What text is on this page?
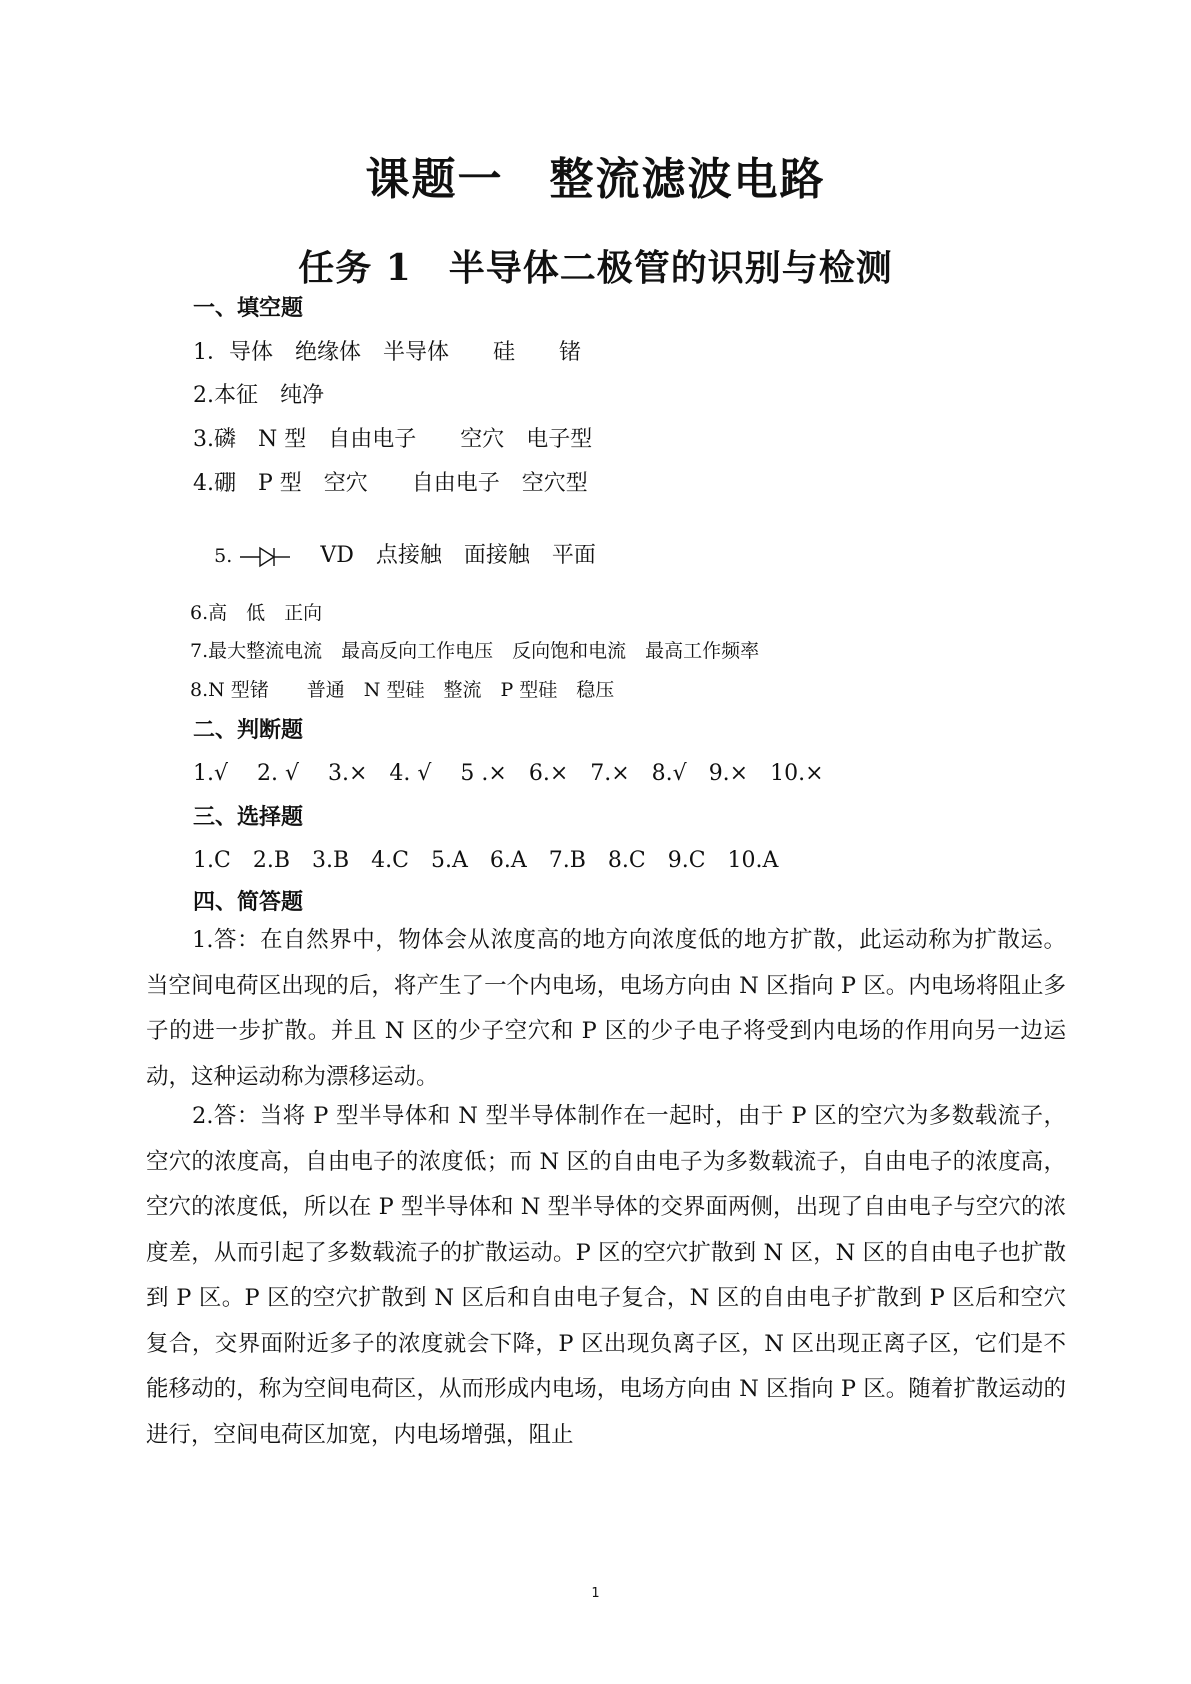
课题一　整流滤波电路
任务 1　半导体二极管的识别与检测
一、填空题
1．导体　绝缘体　半导体　　硅　　锗
2.本征　纯净
3.磷　N 型　自由电子　　空穴　电子型
4.硼　P 型　空穴　　自由电子　空穴型

5.	VD　点接触　面接触　平面

6.高　低　正向
7.最大整流电流　最高反向工作电压　反向饱和电流　最高工作频率
8.N 型锗　　普通　N 型硅　整流　P 型硅　稳压
二、判断题
1.√　 2. √　 3.×　4. √　 5 .×　6.×　7.×　8.√　9.×　10.×
三、选择题
1.C　2.B　3.B　4.C　5.A　6.A　7.B　8.C　9.C　10.A
四、简答题
1.答：在自然界中，物体会从浓度高的地方向浓度低的地方扩散，此运动称为扩散运。当空间电荷区出现的后，将产生了一个内电场，电场方向由 N 区指向 P 区。内电场将阻止多子的进一步扩散。并且 N 区的少子空穴和 P 区的少子电子将受到内电场的作用向另一边运动，这种运动称为漂移运动。
2.答：当将 P 型半导体和 N 型半导体制作在一起时，由于 P 区的空穴为多数载流子，空穴的浓度高，自由电子的浓度低；而 N 区的自由电子为多数载流子，自由电子的浓度高，空穴的浓度低，所以在 P 型半导体和 N 型半导体的交界面两侧，出现了自由电子与空穴的浓度差，从而引起了多数载流子的扩散运动。P 区的空穴扩散到 N 区，N 区的自由电子也扩散到 P 区。P 区的空穴扩散到 N 区后和自由电子复合，N 区的自由电子扩散到 P 区后和空穴复合，交界面附近多子的浓度就会下降，P 区出现负离子区，N 区出现正离子区，它们是不能移动的，称为空间电荷区，从而形成内电场，电场方向由 N 区指向 P 区。随着扩散运动的进行，空间电荷区加宽，内电场增强，阻止
1
